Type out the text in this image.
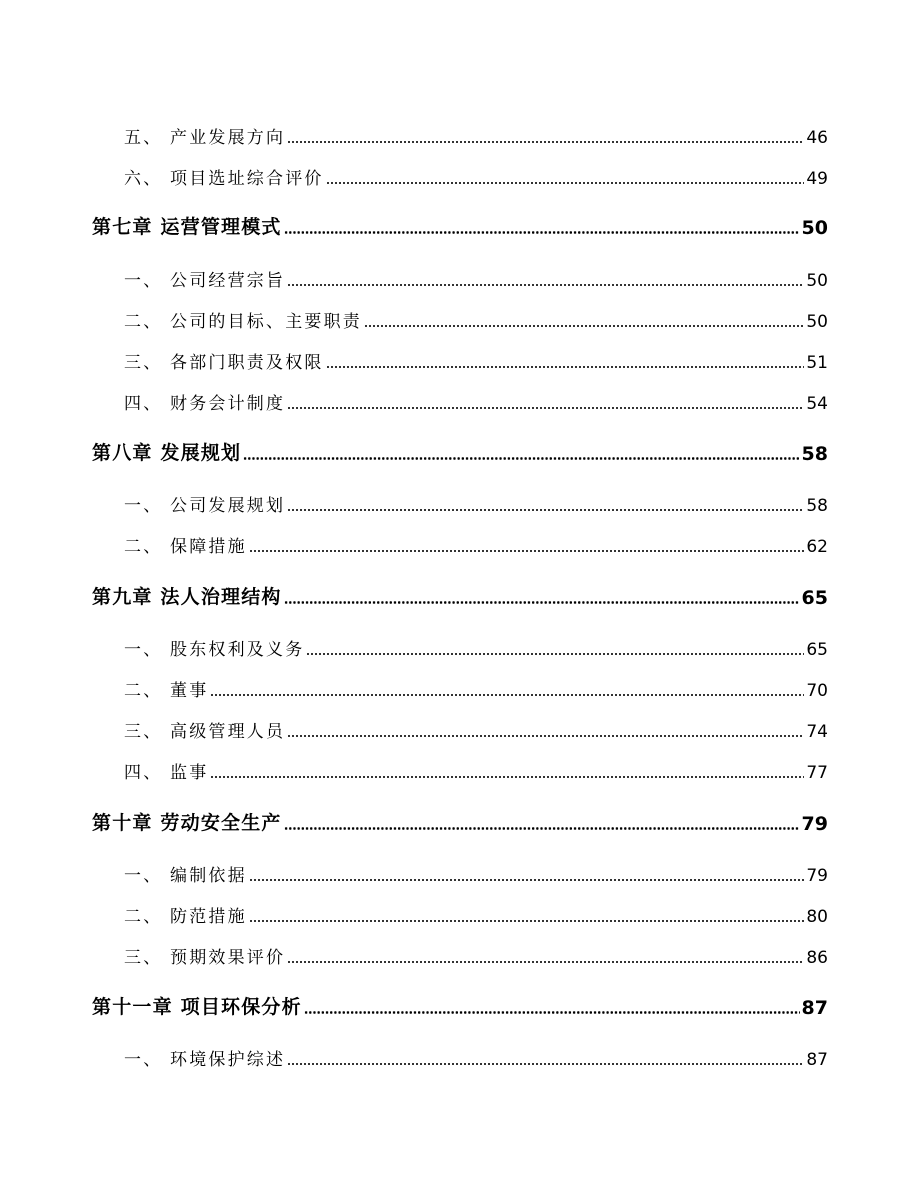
五、 产业发展方向	46
六、 项目选址综合评价	49
第七章 运营管理模式	50
一、 公司经营宗旨	50
二、 公司的目标、主要职责	50
三、 各部门职责及权限	51
四、 财务会计制度	54
第八章 发展规划	58
一、 公司发展规划	58
二、 保障措施	62
第九章 法人治理结构	65
一、 股东权利及义务	65
二、 董事	70
三、 高级管理人员	74
四、 监事	77
第十章 劳动安全生产	79
一、 编制依据	79
二、 防范措施	80
三、 预期效果评价	86
第十一章 项目环保分析	87
一、 环境保护综述	87
